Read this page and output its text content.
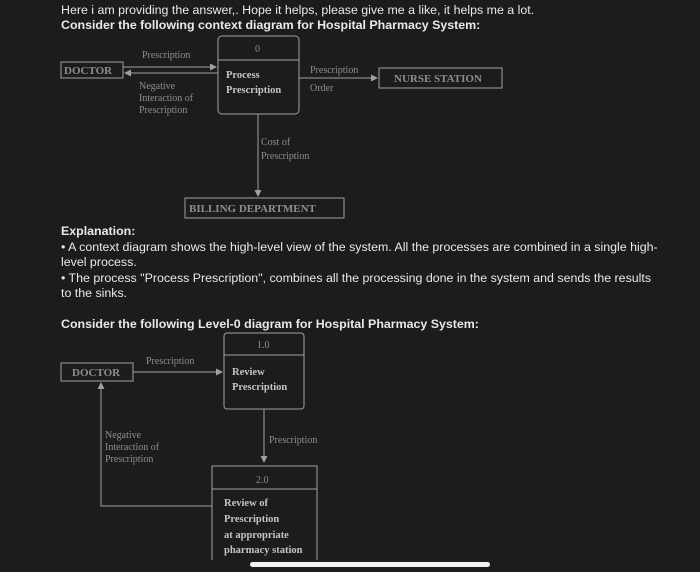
Here i am providing the answer,. Hope it helps, please give me a like, it helps me a lot.
Consider the following context diagram for Hospital Pharmacy System:
DOCTOR
0
Process
Prescription
NURSE STATION
BILLING DEPARTMENT
Prescription
Negative
Interaction of
Prescription
Prescription
Order
Cost of
Prescription
Explanation:
• A context diagram shows the high-level view of the system. All the processes are combined in a single high-
level process.
• The process "Process Prescription", combines all the processing done in the system and sends the results
to the sinks.
Consider the following Level-0 diagram for Hospital Pharmacy System:
DOCTOR
1.0
Review
Prescription
Prescription
Prescription
2.0
Review of
Prescription
at appropriate
pharmacy station
Negative
Interaction of
Prescription
